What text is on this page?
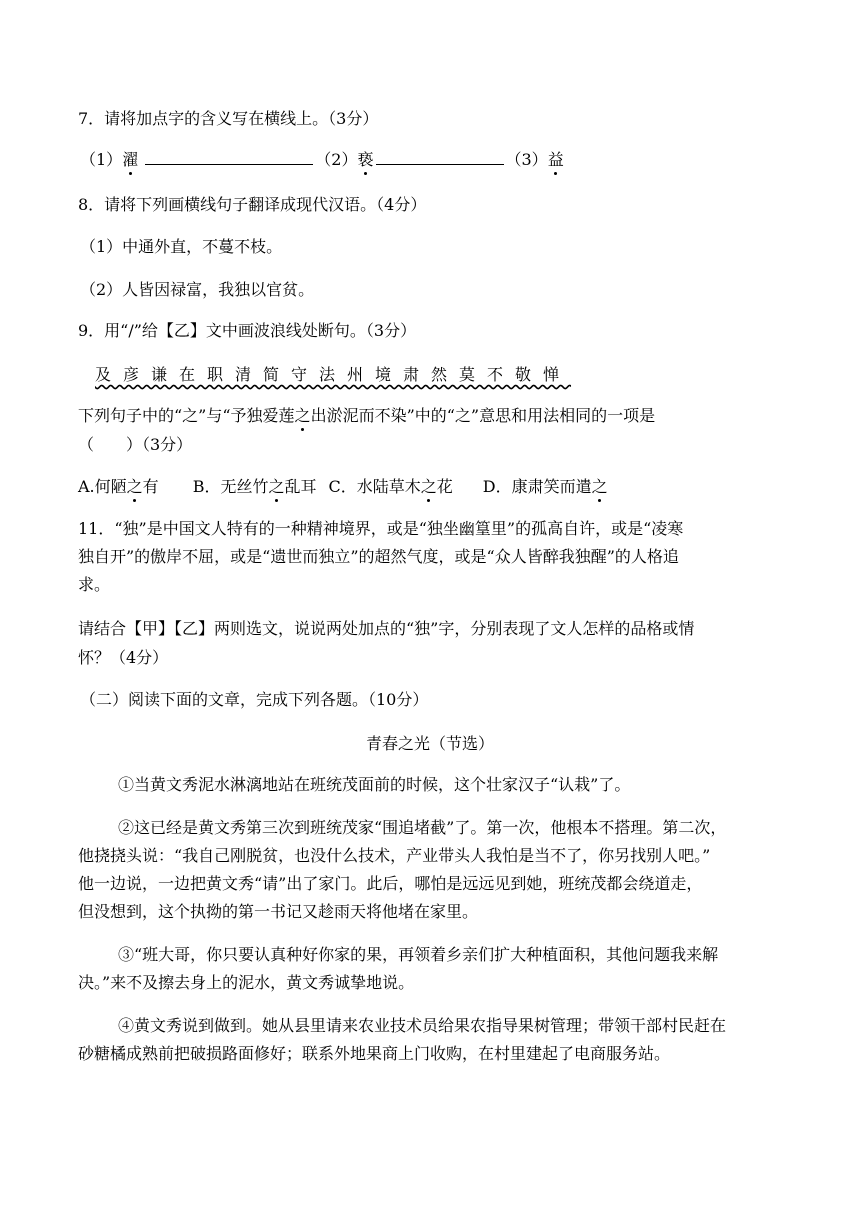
7．请将加点字的含义写在横线上。（3分）
（1）濯	（2）亵	（3）益
8．请将下列画横线句子翻译成现代汉语。（4分）
（1）中通外直，不蔓不枝。
（2）人皆因禄富，我独以官贫。
9．用“/”给【乙】文中画波浪线处断句。（3分）
及彦谦在职清简守法州境肃然莫不敬惮
下列句子中的“之”与“予独爱莲之出淤泥而不染”中的“之”意思和用法相同的一项是
（　　）（3分）
A.何陋之有 B．无丝竹之乱耳 C．水陆草木之花 D．康肃笑而遣之
11．“独”是中国文人特有的一种精神境界，或是“独坐幽篁里”的孤高自许，或是“凌寒
独自开”的傲岸不屈，或是“遗世而独立”的超然气度，或是“众人皆醉我独醒”的人格追
求。
请结合【甲】【乙】两则选文，说说两处加点的“独”字，分别表现了文人怎样的品格或情
怀？（4分）
（二）阅读下面的文章，完成下列各题。（10分）
青春之光（节选）
①当黄文秀泥水淋漓地站在班统茂面前的时候，这个壮家汉子“认栽”了。
②这已经是黄文秀第三次到班统茂家“围追堵截”了。第一次，他根本不搭理。第二次，
他挠挠头说：“我自己刚脱贫，也没什么技术，产业带头人我怕是当不了，你另找别人吧。”
他一边说，一边把黄文秀“请”出了家门。此后，哪怕是远远见到她，班统茂都会绕道走，
但没想到，这个执拗的第一书记又趁雨天将他堵在家里。
③“班大哥，你只要认真种好你家的果，再领着乡亲们扩大种植面积，其他问题我来解
决。”来不及擦去身上的泥水，黄文秀诚挚地说。
④黄文秀说到做到。她从县里请来农业技术员给果农指导果树管理；带领干部村民赶在
砂糖橘成熟前把破损路面修好；联系外地果商上门收购，在村里建起了电商服务站。
